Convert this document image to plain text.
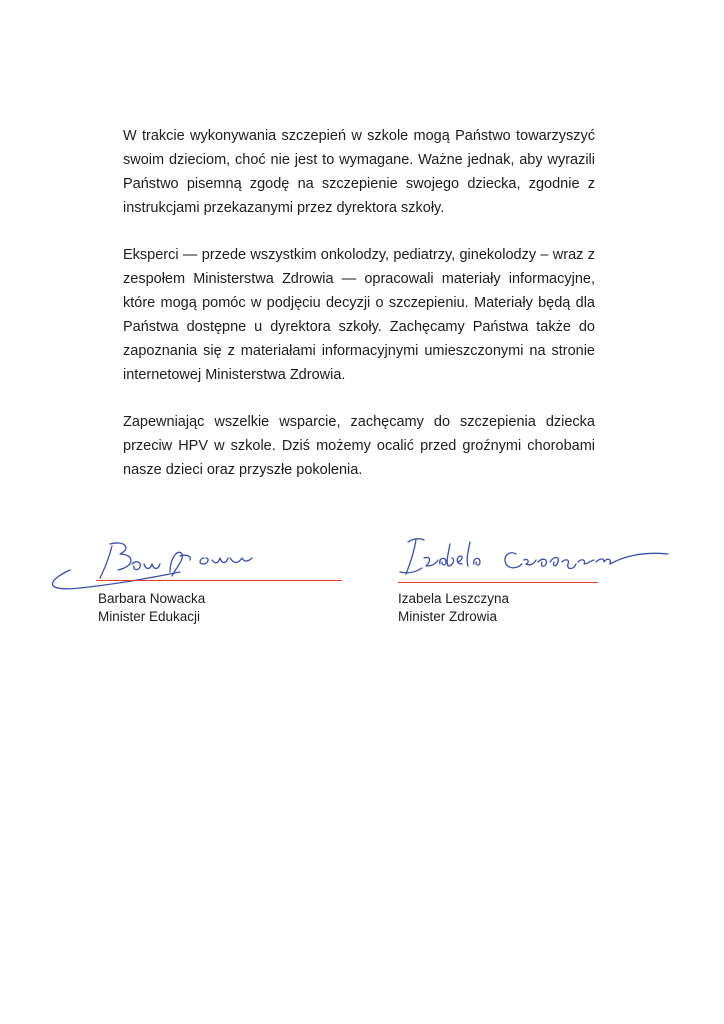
W trakcie wykonywania szczepień w szkole mogą Państwo towarzyszyć swoim dzieciom, choć nie jest to wymagane. Ważne jednak, aby wyrazili Państwo pisemną zgodę na szczepienie swojego dziecka, zgodnie z instrukcjami przekazanymi przez dyrektora szkoły.

Eksperci — przede wszystkim onkolodzy, pediatrzy, ginekolodzy – wraz z zespołem Ministerstwa Zdrowia — opracowali materiały informacyjne, które mogą pomóc w podjęciu decyzji o szczepieniu. Materiały będą dla Państwa dostępne u dyrektora szkoły. Zachęcamy Państwa także do zapoznania się z materiałami informacyjnymi umieszczonymi na stronie internetowej Ministerstwa Zdrowia.

Zapewniając wszelkie wsparcie, zachęcamy do szczepienia dziecka przeciw HPV w szkole. Dziś możemy ocalić przed groźnymi chorobami nasze dzieci oraz przyszłe pokolenia.

Barbara Nowacka
Minister Edukacji
Izabela Leszczyna
Minister Zdrowia
